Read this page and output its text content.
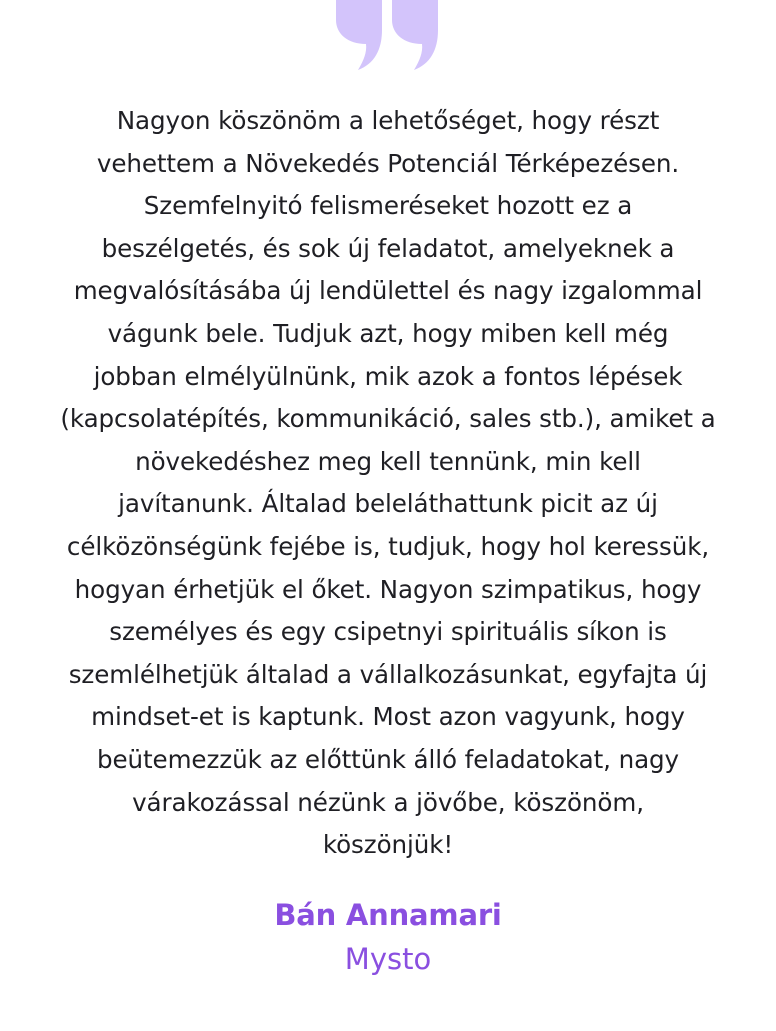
Nagyon köszönöm a lehetőséget, hogy részt
vehettem a Növekedés Potenciál Térképezésen.
Szemfelnyitó felismeréseket hozott ez a
beszélgetés, és sok új feladatot, amelyeknek a
megvalósításába új lendülettel és nagy izgalommal
vágunk bele. Tudjuk azt, hogy miben kell még
jobban elmélyülnünk, mik azok a fontos lépések
(kapcsolatépítés, kommunikáció, sales stb.), amiket a
növekedéshez meg kell tennünk, min kell
javítanunk. Általad beleláthattunk picit az új
célközönségünk fejébe is, tudjuk, hogy hol keressük,
hogyan érhetjük el őket. Nagyon szimpatikus, hogy
személyes és egy csipetnyi spirituális síkon is
szemlélhetjük általad a vállalkozásunkat, egyfajta új
mindset-et is kaptunk. Most azon vagyunk, hogy
beütemezzük az előttünk álló feladatokat, nagy
várakozással nézünk a jövőbe, köszönöm,
köszönjük!
Bán Annamari
Mysto
